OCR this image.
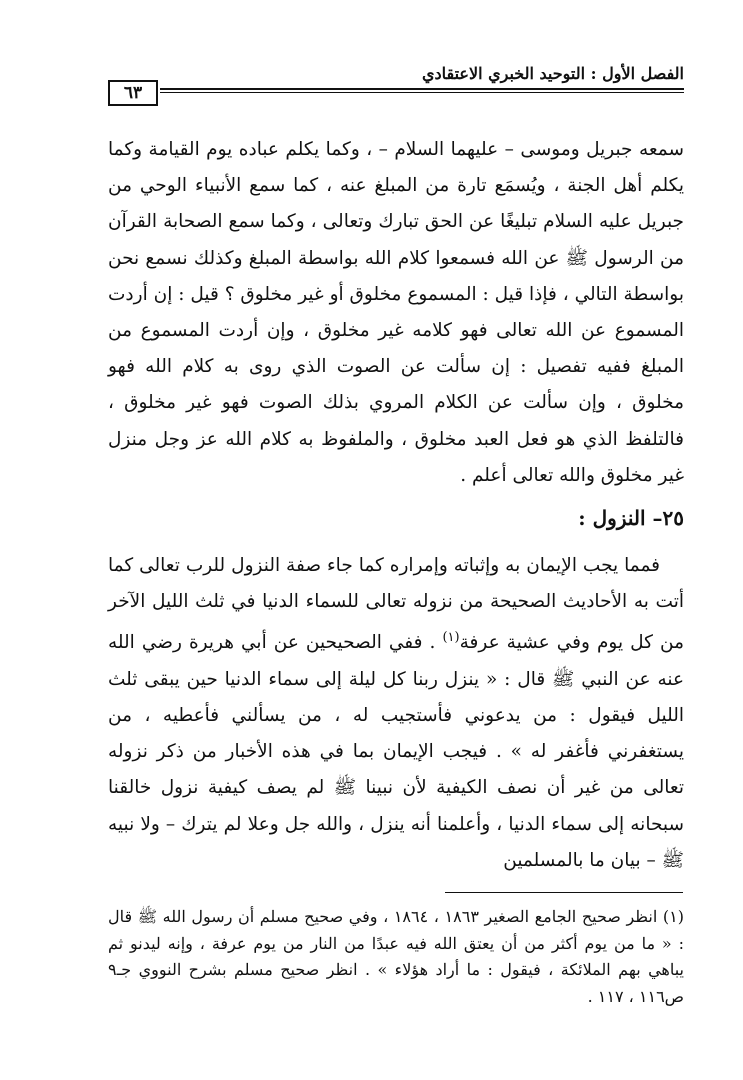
الفصل الأول : التوحيد الخبري الاعتقادي
٦٣

سمعه جبريل وموسى – عليهما السلام – ، وكما يكلم عباده يوم القيامة وكما يكلم أهل الجنة ، ويُسمَع تارة من المبلغ عنه ، كما سمع الأنبياء الوحي من جبريل عليه السلام تبليغًا عن الحق تبارك وتعالى ، وكما سمع الصحابة القرآن من الرسول ﷺ عن الله فسمعوا كلام الله بواسطة المبلغ وكذلك نسمع نحن بواسطة التالي ، فإذا قيل : المسموع مخلوق أو غير مخلوق ؟ قيل : إن أردت المسموع عن الله تعالى فهو كلامه غير مخلوق ، وإن أردت المسموع من المبلغ ففيه تفصيل : إن سألت عن الصوت الذي روى به كلام الله فهو مخلوق ، وإن سألت عن الكلام المروي بذلك الصوت فهو غير مخلوق ، فالتلفظ الذي هو فعل العبد مخلوق ، والملفوظ به كلام الله عز وجل منزل غير مخلوق والله تعالى أعلم .

٢٥– النزول :

فمما يجب الإيمان به وإثباته وإمراره كما جاء صفة النزول للرب تعالى كما أتت به الأحاديث الصحيحة من نزوله تعالى للسماء الدنيا في ثلث الليل الآخر من كل يوم وفي عشية عرفة$^{(١)}$ . ففي الصحيحين عن أبي هريرة رضي الله عنه عن النبي ﷺ قال : « ينزل ربنا كل ليلة إلى سماء الدنيا حين يبقى ثلث الليل فيقول : من يدعوني فأستجيب له ، من يسألني فأعطيه ، من يستغفرني فأغفر له » . فيجب الإيمان بما في هذه الأخبار من ذكر نزوله تعالى من غير أن نصف الكيفية لأن نبينا ﷺ لم يصف كيفية نزول خالقنا سبحانه إلى سماء الدنيا ، وأعلمنا أنه ينزل ، والله جل وعلا لم يترك – ولا نبيه ﷺ – بيان ما بالمسلمين

(١) انظر صحيح الجامع الصغير ١٨٦٣ ، ١٨٦٤ ، وفي صحيح مسلم أن رسول الله ﷺ قال : « ما من يوم أكثر من أن يعتق الله فيه عبدًا من النار من يوم عرفة ، وإنه ليدنو ثم يباهي بهم الملائكة ، فيقول : ما أراد هؤلاء » . انظر صحيح مسلم بشرح النووي جـ٩ ص١١٦ ، ١١٧ .
